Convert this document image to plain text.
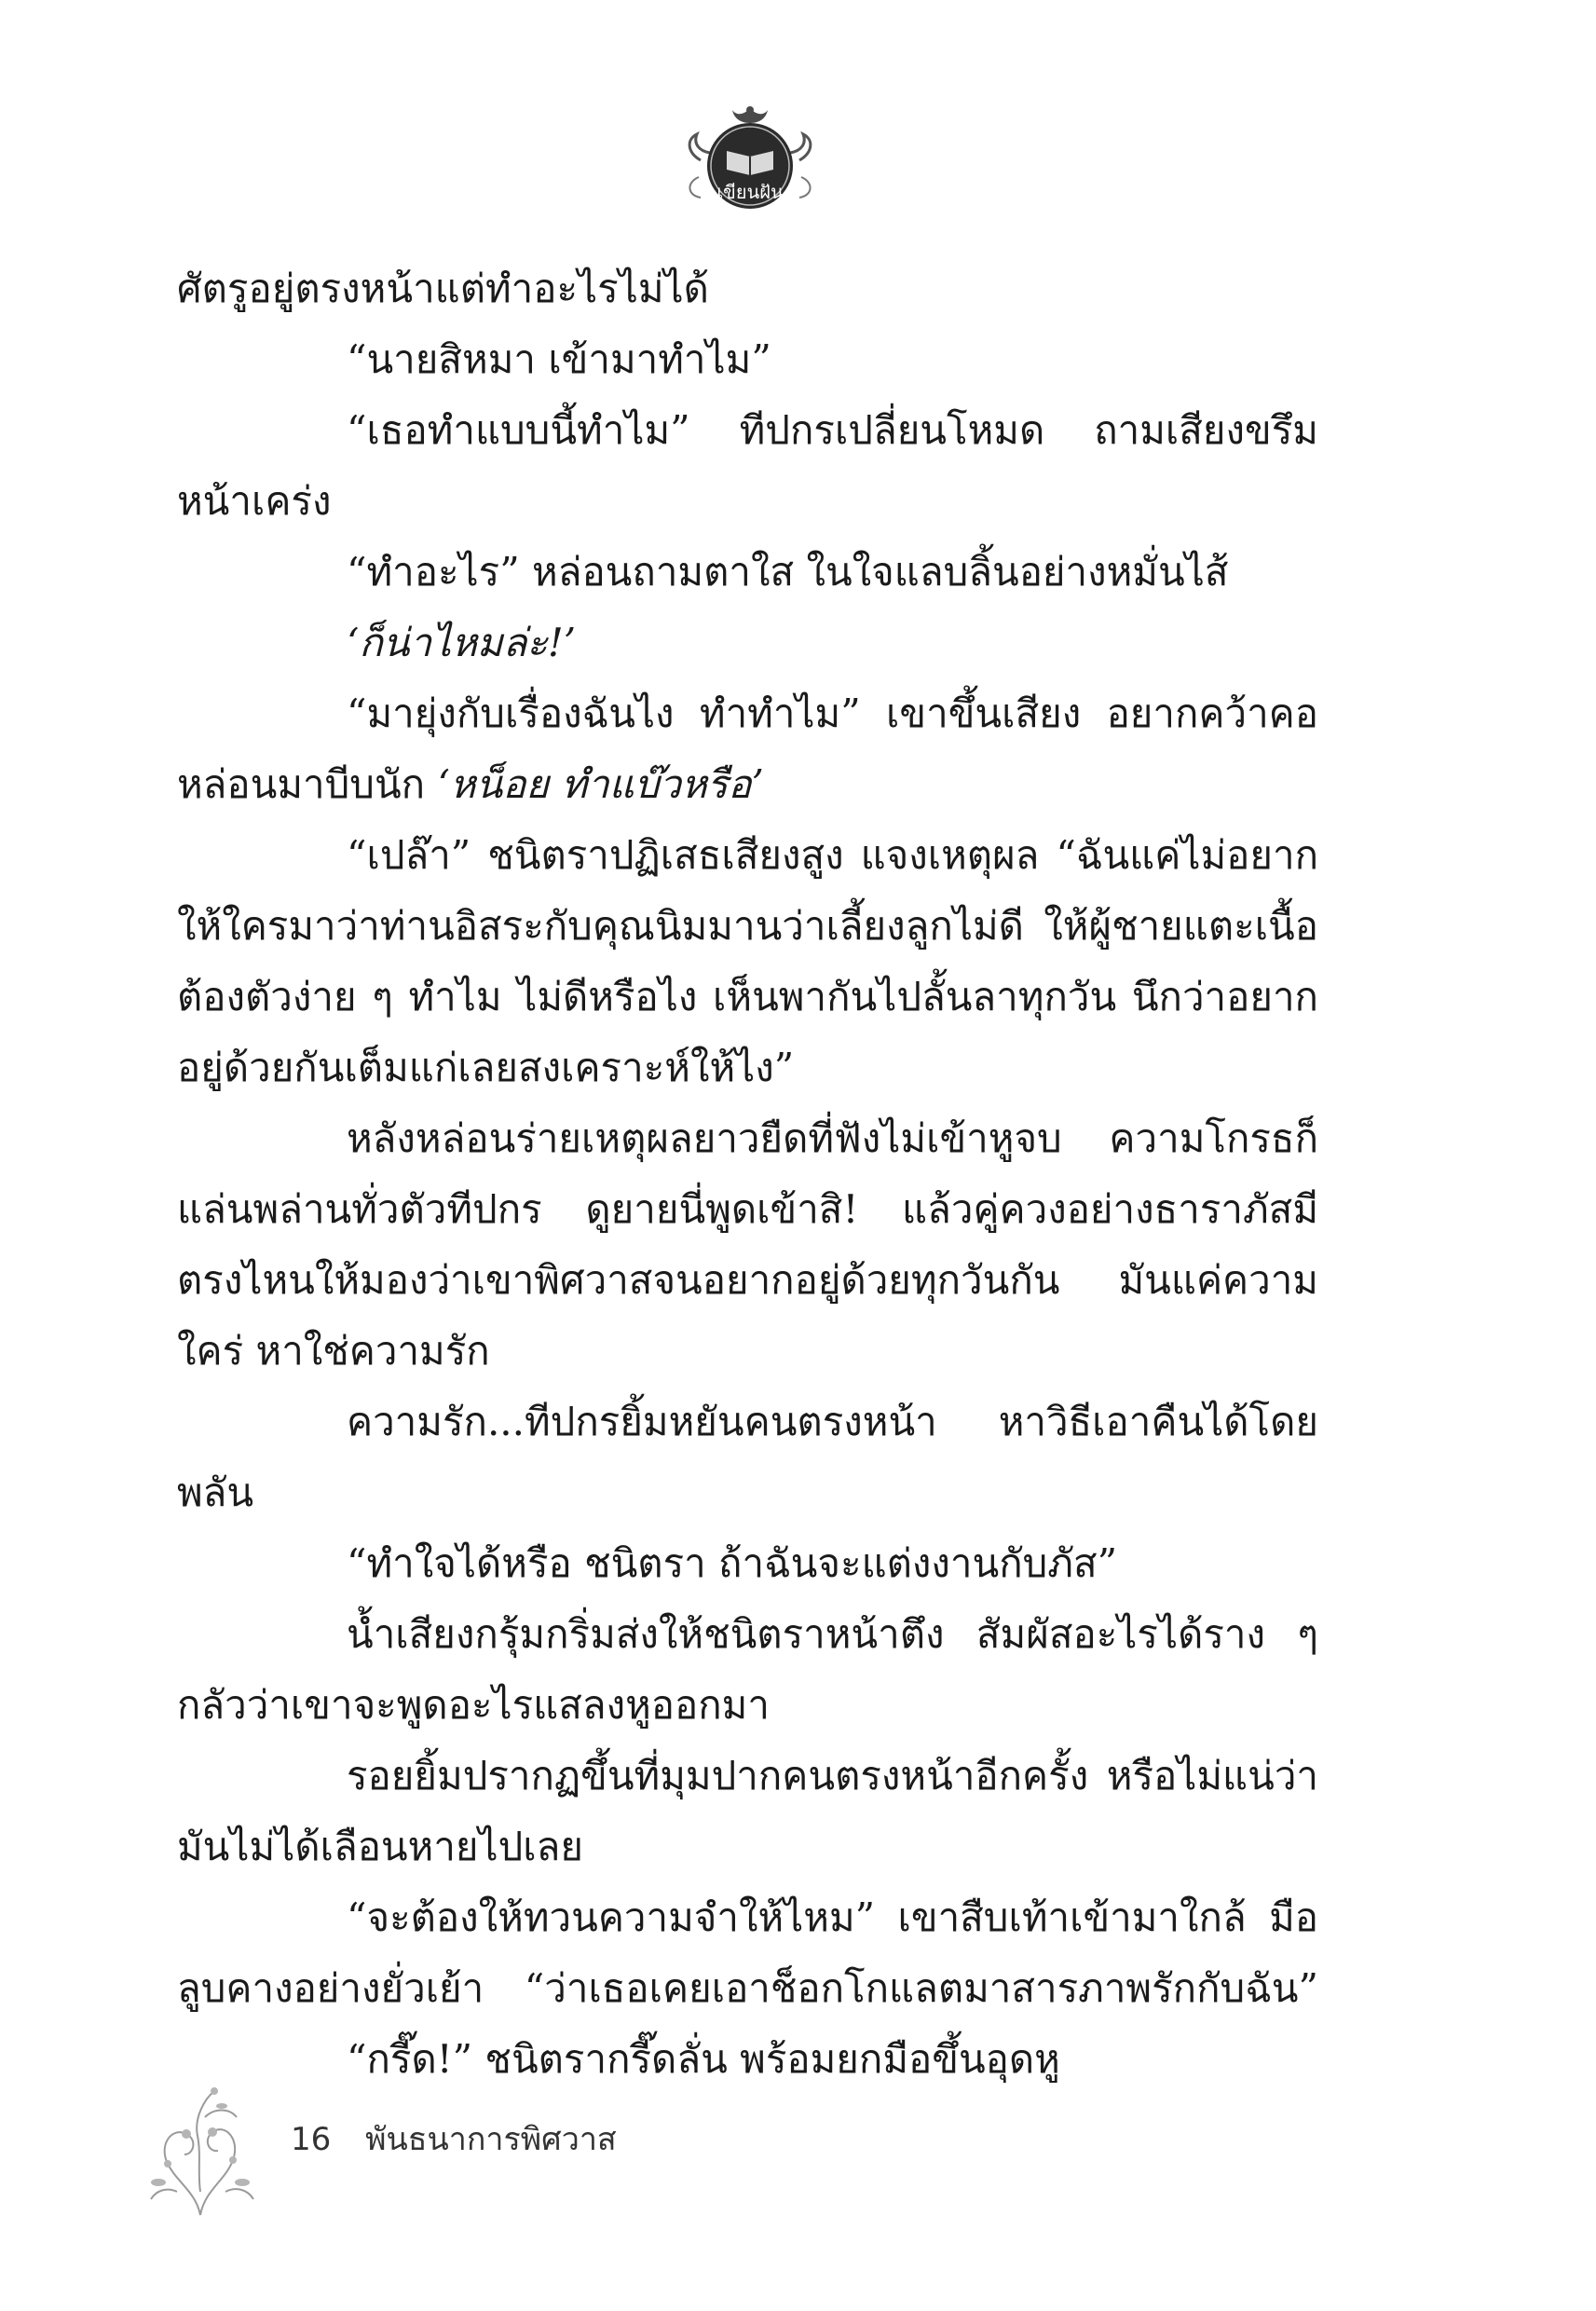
เขียนฝัน
ศัตรูอยู่ตรงหน้าแต่ทำอะไรไม่ได้
“นายสิหมา เข้ามาทำไม”
“เธอทำแบบนี้ทำไม” ทีปกรเปลี่ยนโหมด ถามเสียงขรึม
หน้าเคร่ง
“ทำอะไร” หล่อนถามตาใส ในใจแลบลิ้นอย่างหมั่นไส้
‘ก็น่าไหมล่ะ!’
“มายุ่งกับเรื่องฉันไง ทำทำไม” เขาขึ้นเสียง อยากคว้าคอ
หล่อนมาบีบนัก ‘หน็อย ทำแบ๊วหรือ’
“เปล๊า” ชนิตราปฏิเสธเสียงสูง แจงเหตุผล “ฉันแค่ไม่อยาก
ให้ใครมาว่าท่านอิสระกับคุณนิมมานว่าเลี้ยงลูกไม่ดี ให้ผู้ชายแตะเนื้อ
ต้องตัวง่าย ๆ ทำไม ไม่ดีหรือไง เห็นพากันไปลั้นลาทุกวัน นึกว่าอยาก
อยู่ด้วยกันเต็มแก่เลยสงเคราะห์ให้ไง”
หลังหล่อนร่ายเหตุผลยาวยืดที่ฟังไม่เข้าหูจบ ความโกรธก็
แล่นพล่านทั่วตัวทีปกร ดูยายนี่พูดเข้าสิ! แล้วคู่ควงอย่างธาราภัสมี
ตรงไหนให้มองว่าเขาพิศวาสจนอยากอยู่ด้วยทุกวันกัน มันแค่ความ
ใคร่ หาใช่ความรัก
ความรัก...ทีปกรยิ้มหยันคนตรงหน้า หาวิธีเอาคืนได้โดย
พลัน
“ทำใจได้หรือ ชนิตรา ถ้าฉันจะแต่งงานกับภัส”
น้ำเสียงกรุ้มกริ่มส่งให้ชนิตราหน้าตึง สัมผัสอะไรได้ราง ๆ
กลัวว่าเขาจะพูดอะไรแสลงหูออกมา
รอยยิ้มปรากฏขึ้นที่มุมปากคนตรงหน้าอีกครั้ง หรือไม่แน่ว่า
มันไม่ได้เลือนหายไปเลย
“จะต้องให้ทวนความจำให้ไหม” เขาสืบเท้าเข้ามาใกล้ มือ
ลูบคางอย่างยั่วเย้า “ว่าเธอเคยเอาช็อกโกแลตมาสารภาพรักกับฉัน”
“กรี๊ด!” ชนิตรากรี๊ดลั่น พร้อมยกมือขึ้นอุดหู
16 พันธนาการพิศวาส
